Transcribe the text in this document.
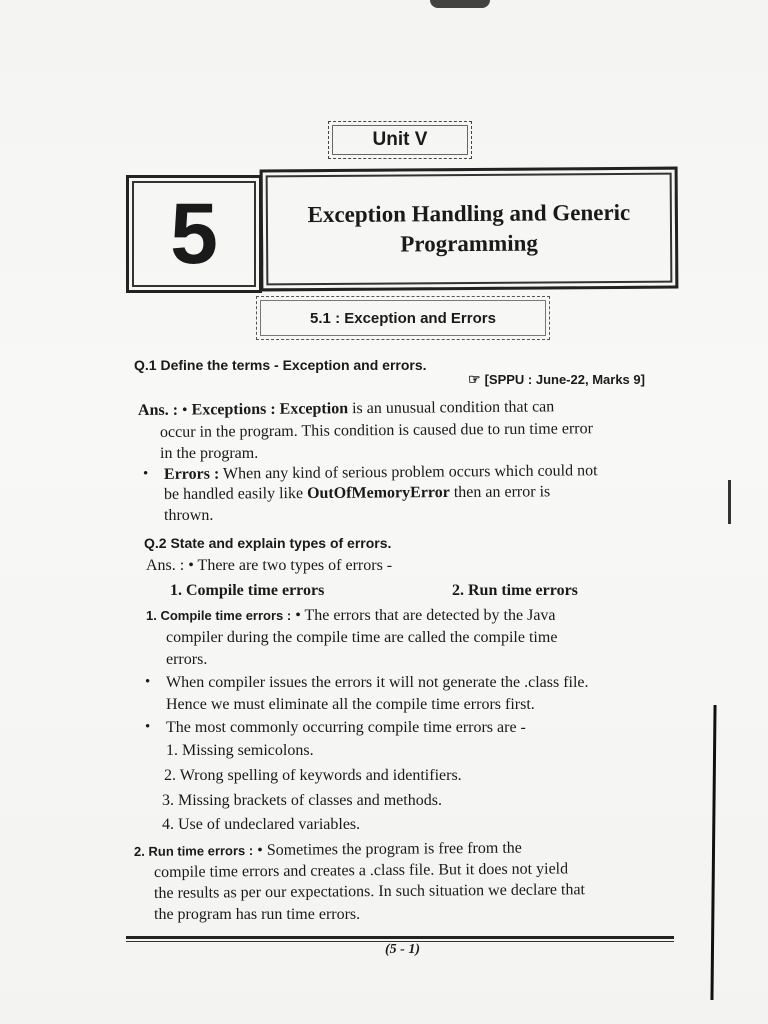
Unit V
5	Exception Handling and Generic
Programming
5.1 : Exception and Errors
Q.1 Define the terms - Exception and errors.
☞ [SPPU : June-22, Marks 9]
Ans. : • Exceptions : Exception is an unusual condition that can
occur in the program. This condition is caused due to run time error
in the program.
• Errors : When any kind of serious problem occurs which could not
be handled easily like OutOfMemoryError then an error is
thrown.
Q.2 State and explain types of errors.
Ans. : • There are two types of errors -
1. Compile time errors	2. Run time errors
1. Compile time errors : • The errors that are detected by the Java
compiler during the compile time are called the compile time
errors.
• When compiler issues the errors it will not generate the .class file.
Hence we must eliminate all the compile time errors first.
• The most commonly occurring compile time errors are -
1. Missing semicolons.
2. Wrong spelling of keywords and identifiers.
3. Missing brackets of classes and methods.
4. Use of undeclared variables.
2. Run time errors : • Sometimes the program is free from the
compile time errors and creates a .class file. But it does not yield
the results as per our expectations. In such situation we declare that
the program has run time errors.
(5 - 1)
